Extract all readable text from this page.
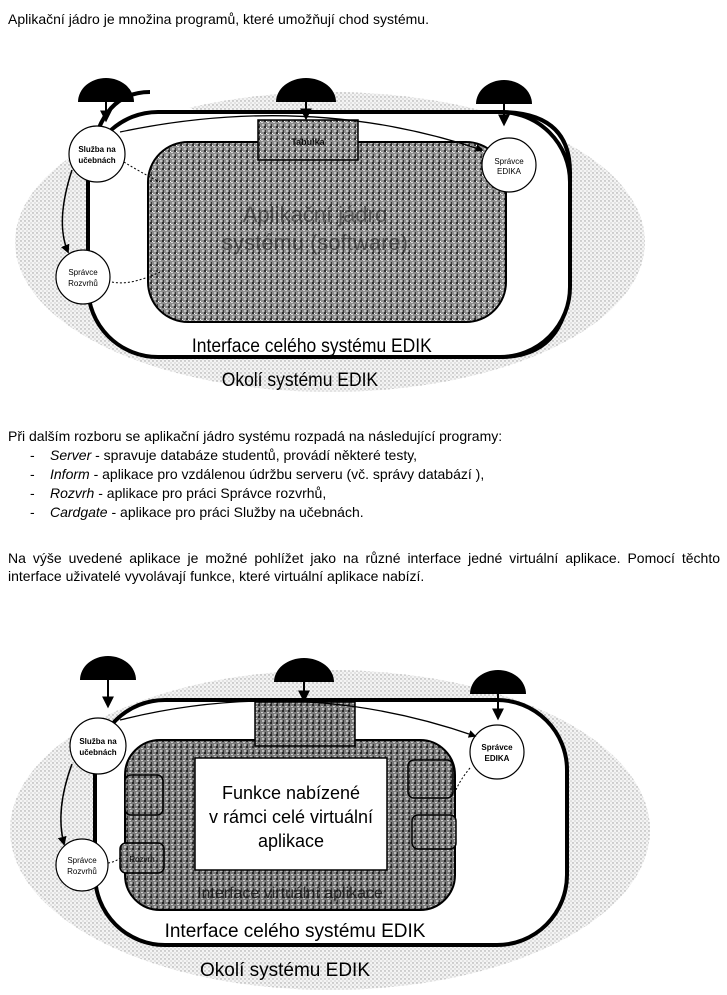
Aplikační jádro je množina programů, které umožňují chod systému.

Tabulka
Aplikační jádro
systému (software)
Interface celého systému EDIK
Okolí systému EDIK
Služba na
učebnách	Správce
EDIKA
Správce
Rozvrhů

Při dalším rozboru se aplikační jádro systému rozpadá na následující programy:

- Server - spravuje databáze studentů, provádí některé testy,
- Inform - aplikace pro vzdálenou údržbu serveru (vč. správy databází ),
- Rozvrh - aplikace pro práci Správce rozvrhů,
- Cardgate - aplikace pro práci Služby na učebnách.

Na výše uvedené aplikace je možné pohlížet jako na různé interface jedné virtuální aplikace. Pomocí těchto interface uživatelé vyvolávají funkce, které virtuální aplikace nabízí.

Rozvrh
Funkce nabízené
v rámci celé virtuální
aplikace
Interface virtuální aplikace
Interface celého systému EDIK
Okolí systému EDIK
Služba na
učebnách
Správce
EDIKA
Správce
Rozvrhů
